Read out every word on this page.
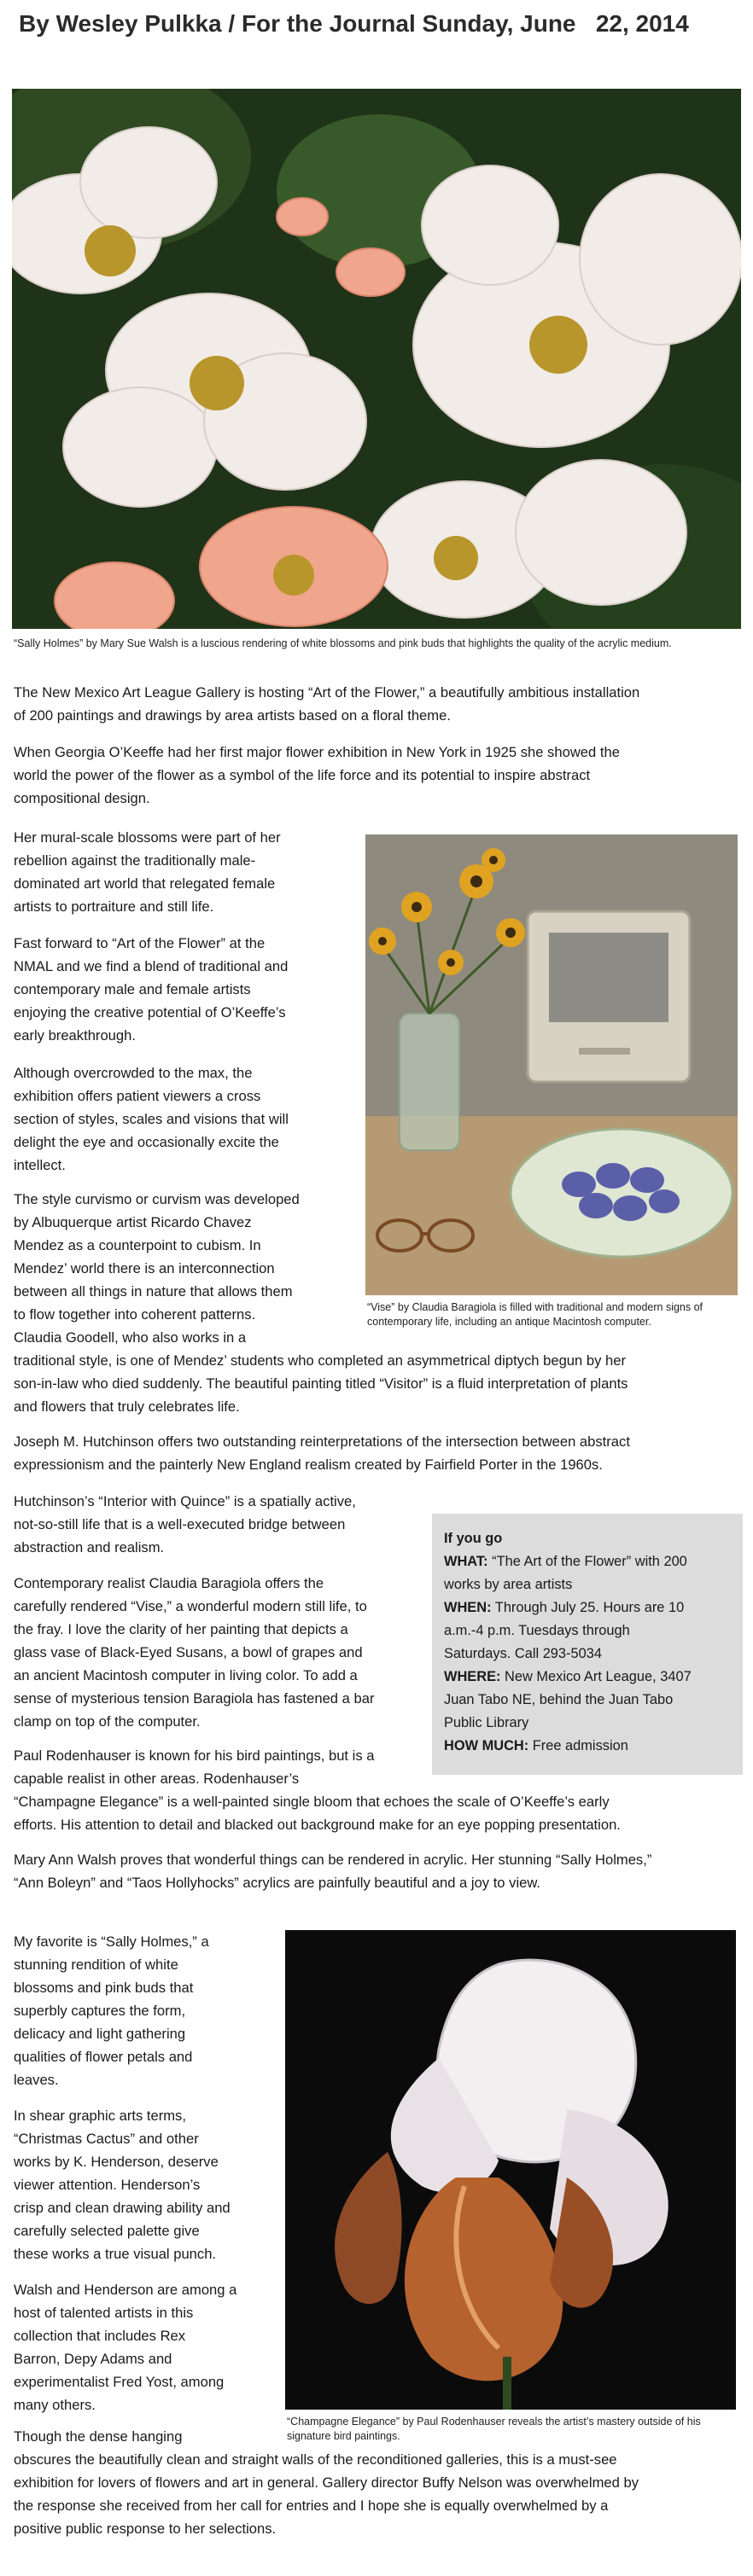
By Wesley Pulkka / For the Journal Sunday, June   22, 2014

“Sally Holmes” by Mary Sue Walsh is a luscious rendering of white blossoms and pink buds that highlights the quality of the acrylic medium.

The New Mexico Art League Gallery is hosting “Art of the Flower,” a beautifully ambitious installation
of 200 paintings and drawings by area artists based on a floral theme.
When Georgia O’Keeffe had her first major flower exhibition in New York in 1925 she showed the
world the power of the flower as a symbol of the life force and its potential to inspire abstract
compositional design.

“Vise” by Claudia Baragiola is filled with traditional and modern signs of contemporary life, including an antique Macintosh computer.

Her mural-scale blossoms were part of her
rebellion against the traditionally male-
dominated art world that relegated female
artists to portraiture and still life.
Fast forward to “Art of the Flower” at the
NMAL and we find a blend of traditional and
contemporary male and female artists
enjoying the creative potential of O’Keeffe’s
early breakthrough.
Although overcrowded to the max, the
exhibition offers patient viewers a cross
section of styles, scales and visions that will
delight the eye and occasionally excite the
intellect.
The style curvismo or curvism was developed
by Albuquerque artist Ricardo Chavez
Mendez as a counterpoint to cubism. In
Mendez’ world there is an interconnection
between all things in nature that allows them
to flow together into coherent patterns.
Claudia Goodell, who also works in a
traditional style, is one of Mendez’ students who completed an asymmetrical diptych begun by her
son-in-law who died suddenly. The beautiful painting titled “Visitor” is a fluid interpretation of plants
and flowers that truly celebrates life.
Joseph M. Hutchinson offers two outstanding reinterpretations of the intersection between abstract
expressionism and the painterly New England realism created by Fairfield Porter in the 1960s.
Hutchinson’s “Interior with Quince” is a spatially active,
not-so-still life that is a well-executed bridge between
abstraction and realism.
Contemporary realist Claudia Baragiola offers the
carefully rendered “Vise,” a wonderful modern still life, to
the fray. I love the clarity of her painting that depicts a
glass vase of Black-Eyed Susans, a bowl of grapes and
an ancient Macintosh computer in living color. To add a
sense of mysterious tension Baragiola has fastened a bar
clamp on top of the computer.

If you go

WHAT: “The Art of the Flower” with 200
works by area artists
WHEN: Through July 25. Hours are 10
a.m.-4 p.m. Tuesdays through
Saturdays. Call 293-5034
WHERE: New Mexico Art League, 3407
Juan Tabo NE, behind the Juan Tabo
Public Library
HOW MUCH: Free admission
Paul Rodenhauser is known for his bird paintings, but is a
capable realist in other areas. Rodenhauser’s
“Champagne Elegance” is a well-painted single bloom that echoes the scale of O’Keeffe’s early
efforts. His attention to detail and blacked out background make for an eye popping presentation.
Mary Ann Walsh proves that wonderful things can be rendered in acrylic. Her stunning “Sally Holmes,”
“Ann Boleyn” and “Taos Hollyhocks” acrylics are painfully beautiful and a joy to view.

“Champagne Elegance” by Paul Rodenhauser reveals the artist’s mastery outside of his signature bird paintings.

My favorite is “Sally Holmes,” a
stunning rendition of white
blossoms and pink buds that
superbly captures the form,
delicacy and light gathering
qualities of flower petals and
leaves.
In shear graphic arts terms,
“Christmas Cactus” and other
works by K. Henderson, deserve
viewer attention. Henderson’s
crisp and clean drawing ability and
carefully selected palette give
these works a true visual punch.
Walsh and Henderson are among a
host of talented artists in this
collection that includes Rex
Barron, Depy Adams and
experimentalist Fred Yost, among
many others.
Though the dense hanging
obscures the beautifully clean and straight walls of the reconditioned galleries, this is a must-see
exhibition for lovers of flowers and art in general. Gallery director Buffy Nelson was overwhelmed by
the response she received from her call for entries and I hope she is equally overwhelmed by a
positive public response to her selections.
